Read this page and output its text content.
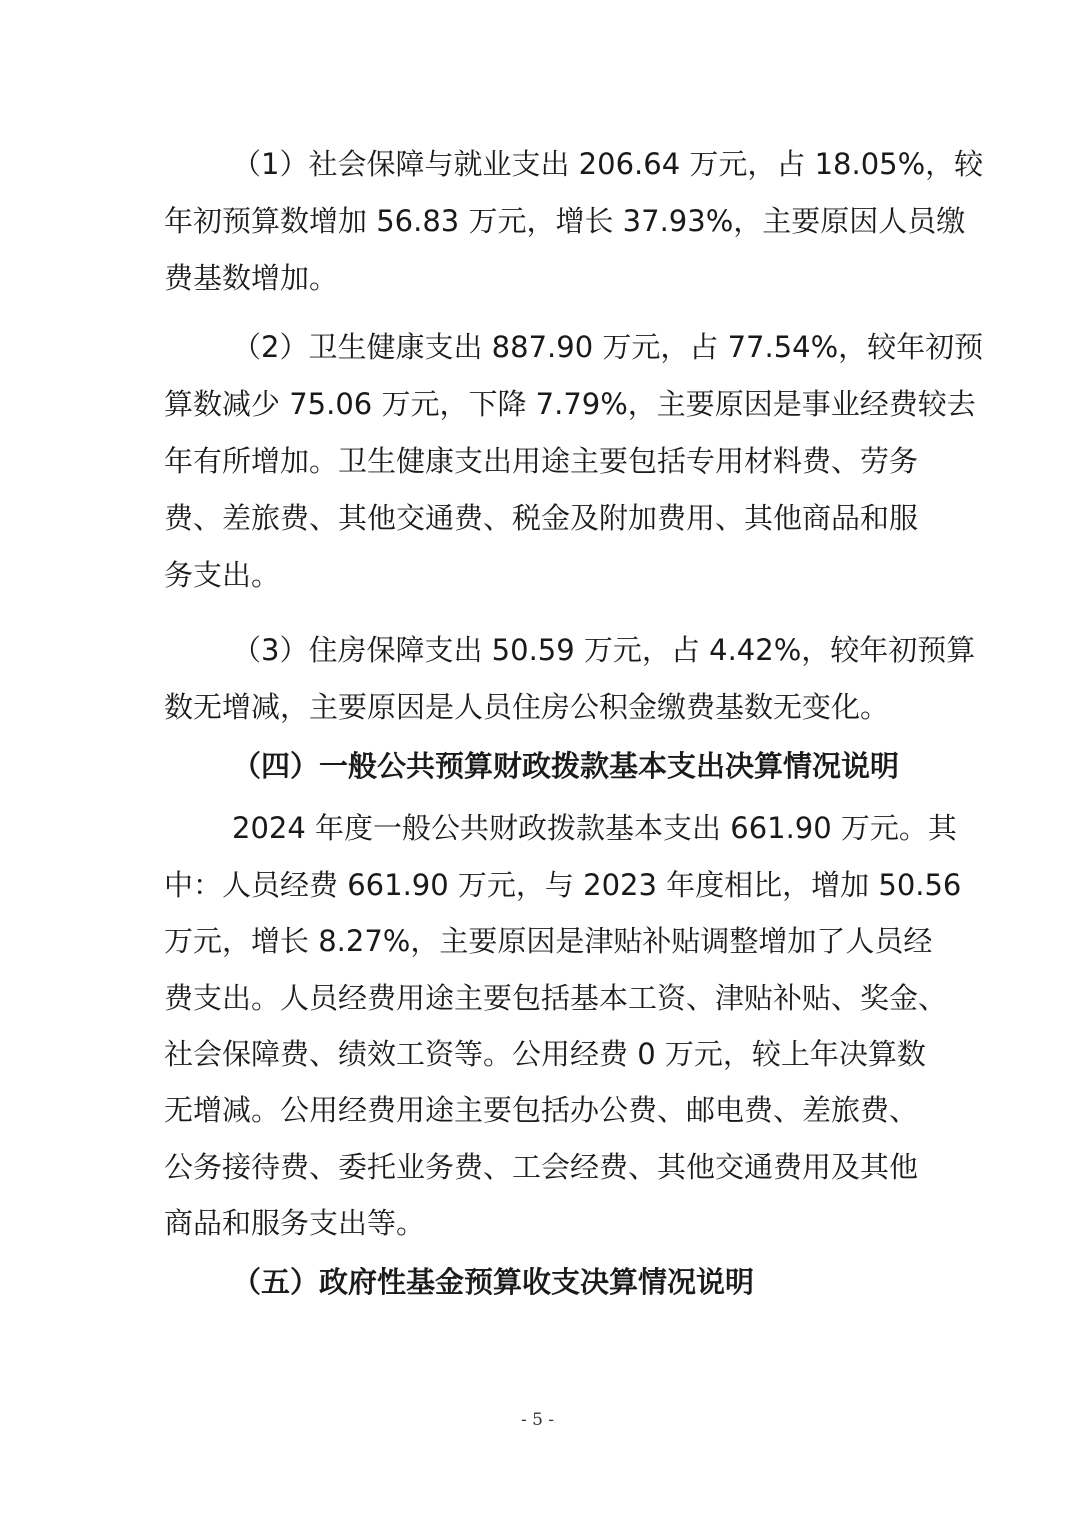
（1）社会保障与就业支出 206.64 万元，占 18.05%，较
年初预算数增加 56.83 万元，增长 37.93%，主要原因人员缴
费基数增加。
（2）卫生健康支出 887.90 万元，占 77.54%，较年初预
算数减少 75.06 万元，下降 7.79%，主要原因是事业经费较去
年有所增加。卫生健康支出用途主要包括专用材料费、劳务
费、差旅费、其他交通费、税金及附加费用、其他商品和服
务支出。
（3）住房保障支出 50.59 万元，占 4.42%，较年初预算
数无增减，主要原因是人员住房公积金缴费基数无变化。
（四）一般公共预算财政拨款基本支出决算情况说明
2024 年度一般公共财政拨款基本支出 661.90 万元。其
中：人员经费 661.90 万元，与 2023 年度相比，增加 50.56
万元，增长 8.27%，主要原因是津贴补贴调整增加了人员经
费支出。人员经费用途主要包括基本工资、津贴补贴、奖金、
社会保障费、绩效工资等。公用经费 0 万元，较上年决算数
无增减。公用经费用途主要包括办公费、邮电费、差旅费、
公务接待费、委托业务费、工会经费、其他交通费用及其他
商品和服务支出等。
（五）政府性基金预算收支决算情况说明
- 5 -
